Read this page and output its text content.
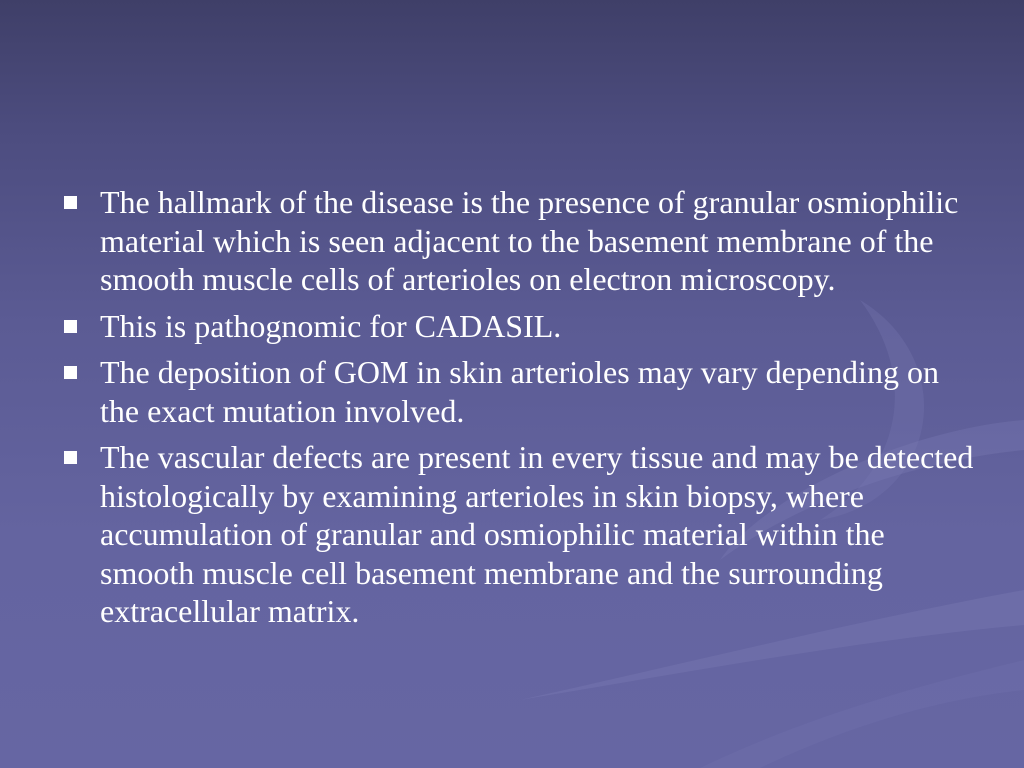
The hallmark of the disease is the presence of granular osmiophilic material which is seen adjacent to the basement membrane of the smooth muscle cells of arterioles on electron microscopy.
This is pathognomic for CADASIL.
The deposition of GOM in skin arterioles may vary depending on the exact mutation involved.
The vascular defects are present in every tissue and may be detected histologically by examining arterioles in skin biopsy, where accumulation of granular and osmiophilic material within the smooth muscle cell basement membrane and the surrounding extracellular matrix.
